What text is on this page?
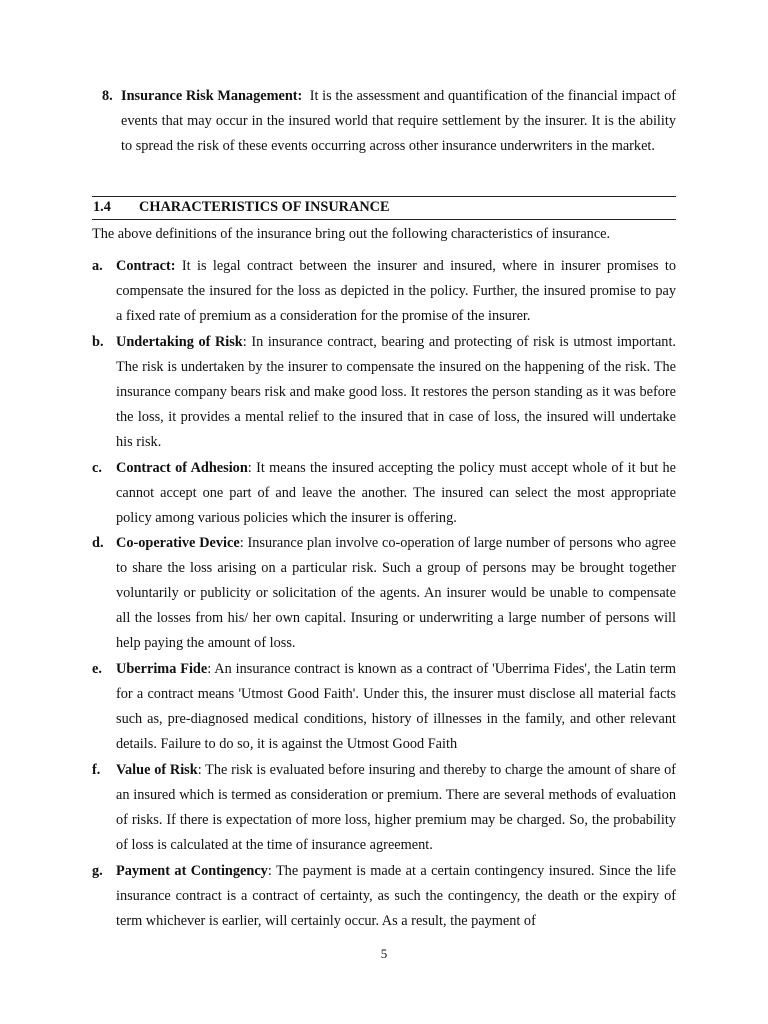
8. Insurance Risk Management: It is the assessment and quantification of the financial impact of events that may occur in the insured world that require settlement by the insurer. It is the ability to spread the risk of these events occurring across other insurance underwriters in the market.
1.4 CHARACTERISTICS OF INSURANCE
The above definitions of the insurance bring out the following characteristics of insurance.
a. Contract: It is legal contract between the insurer and insured, where in insurer promises to compensate the insured for the loss as depicted in the policy. Further, the insured promise to pay a fixed rate of premium as a consideration for the promise of the insurer.
b. Undertaking of Risk: In insurance contract, bearing and protecting of risk is utmost important. The risk is undertaken by the insurer to compensate the insured on the happening of the risk. The insurance company bears risk and make good loss. It restores the person standing as it was before the loss, it provides a mental relief to the insured that in case of loss, the insured will undertake his risk.
c. Contract of Adhesion: It means the insured accepting the policy must accept whole of it but he cannot accept one part of and leave the another. The insured can select the most appropriate policy among various policies which the insurer is offering.
d. Co-operative Device: Insurance plan involve co-operation of large number of persons who agree to share the loss arising on a particular risk. Such a group of persons may be brought together voluntarily or publicity or solicitation of the agents. An insurer would be unable to compensate all the losses from his/ her own capital. Insuring or underwriting a large number of persons will help paying the amount of loss.
e. Uberrima Fide: An insurance contract is known as a contract of 'Uberrima Fides', the Latin term for a contract means 'Utmost Good Faith'. Under this, the insurer must disclose all material facts such as, pre-diagnosed medical conditions, history of illnesses in the family, and other relevant details. Failure to do so, it is against the Utmost Good Faith
f. Value of Risk: The risk is evaluated before insuring and thereby to charge the amount of share of an insured which is termed as consideration or premium. There are several methods of evaluation of risks. If there is expectation of more loss, higher premium may be charged. So, the probability of loss is calculated at the time of insurance agreement.
g. Payment at Contingency: The payment is made at a certain contingency insured. Since the life insurance contract is a contract of certainty, as such the contingency, the death or the expiry of term whichever is earlier, will certainly occur. As a result, the payment of
5
